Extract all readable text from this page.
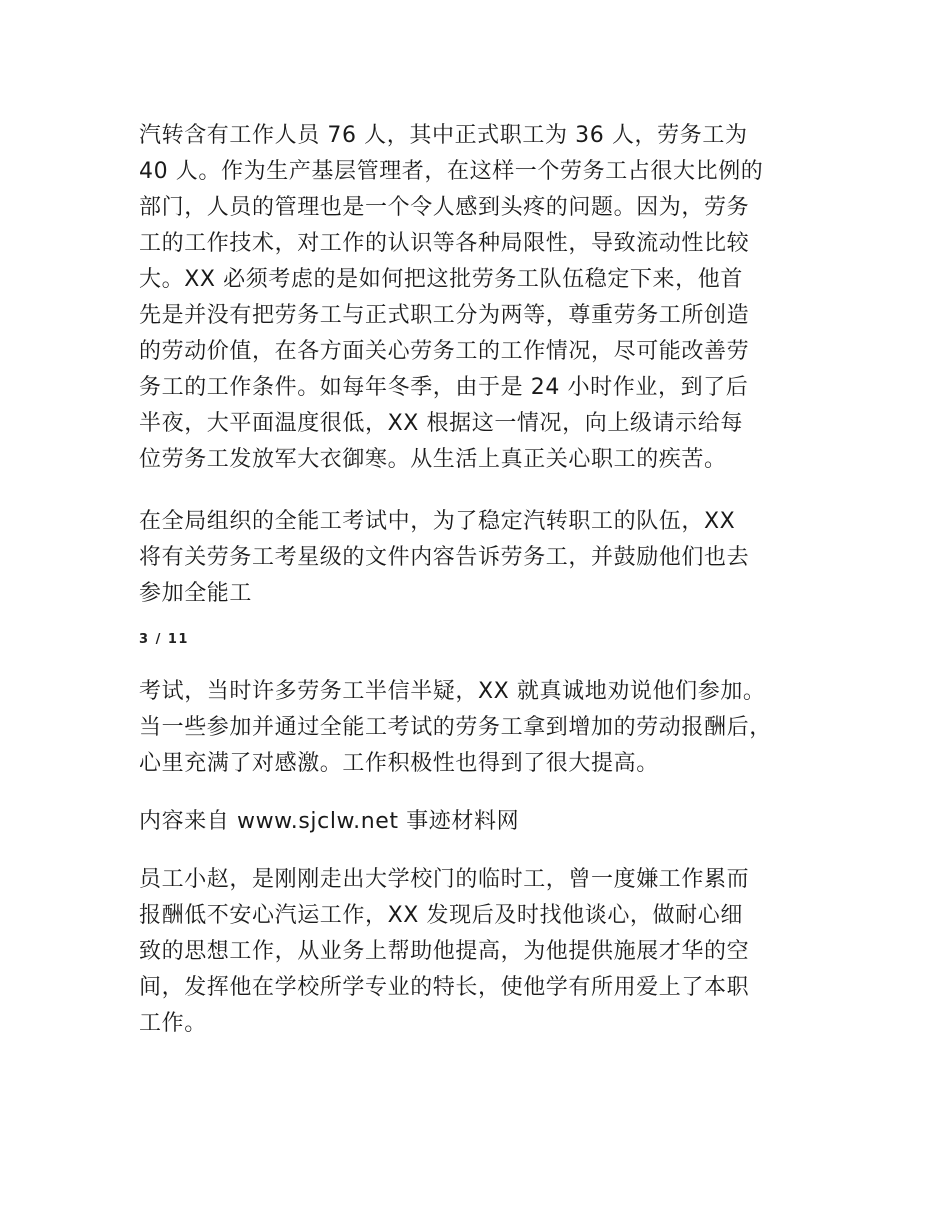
汽转含有工作人员 76 人，其中正式职工为 36 人，劳务工为
40 人。作为生产基层管理者，在这样一个劳务工占很大比例的
部门，人员的管理也是一个令人感到头疼的问题。因为，劳务
工的工作技术，对工作的认识等各种局限性，导致流动性比较
大。XX 必须考虑的是如何把这批劳务工队伍稳定下来，他首
先是并没有把劳务工与正式职工分为两等，尊重劳务工所创造
的劳动价值，在各方面关心劳务工的工作情况，尽可能改善劳
务工的工作条件。如每年冬季，由于是 24 小时作业，到了后
半夜，大平面温度很低，XX 根据这一情况，向上级请示给每
位劳务工发放军大衣御寒。从生活上真正关心职工的疾苦。
在全局组织的全能工考试中，为了稳定汽转职工的队伍，XX
将有关劳务工考星级的文件内容告诉劳务工，并鼓励他们也去
参加全能工
3 / 11
考试，当时许多劳务工半信半疑，XX 就真诚地劝说他们参加。
当一些参加并通过全能工考试的劳务工拿到增加的劳动报酬后，
心里充满了对感激。工作积极性也得到了很大提高。
内容来自 www.sjclw.net 事迹材料网
员工小赵，是刚刚走出大学校门的临时工，曾一度嫌工作累而
报酬低不安心汽运工作，XX 发现后及时找他谈心，做耐心细
致的思想工作，从业务上帮助他提高，为他提供施展才华的空
间，发挥他在学校所学专业的特长，使他学有所用爱上了本职
工作。
